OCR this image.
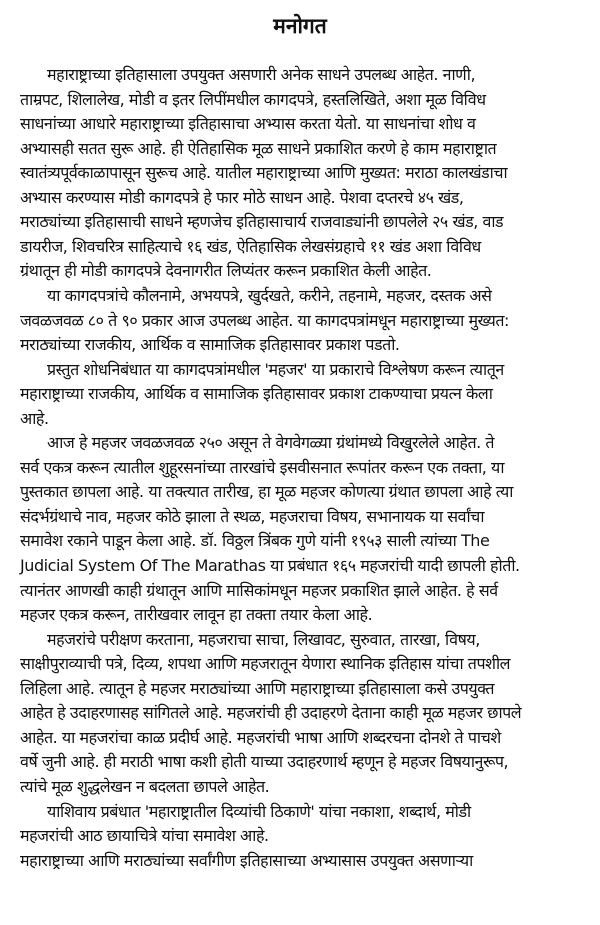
मनोगत
महाराष्ट्राच्या इतिहासाला उपयुक्त असणारी अनेक साधने उपलब्ध आहेत. नाणी,
ताम्रपट, शिलालेख, मोडी व इतर लिपींमधील कागदपत्रे, हस्तलिखिते, अशा मूळ विविध
साधनांच्या आधारे महाराष्ट्राच्या इतिहासाचा अभ्यास करता येतो. या साधनांचा शोध व
अभ्यासही सतत सुरू आहे. ही ऐतिहासिक मूळ साधने प्रकाशित करणे हे काम महाराष्ट्रात
स्वातंत्र्यपूर्वकाळापासून सुरूच आहे. यातील महाराष्ट्राच्या आणि मुख्यत: मराठा कालखंडाचा
अभ्यास करण्यास मोडी कागदपत्रे हे फार मोठे साधन आहे. पेशवा दप्तरचे ४५ खंड,
मराठ्यांच्या इतिहासाची साधने म्हणजेच इतिहासाचार्य राजवाड्यांनी छापलेले २५ खंड, वाड
डायरीज, शिवचरित्र साहित्याचे १६ खंड, ऐतिहासिक लेखसंग्रहाचे ११ खंड अशा विविध
ग्रंथातून ही मोडी कागदपत्रे देवनागरीत लिप्यंतर करून प्रकाशित केली आहेत.
या कागदपत्रांचे कौलनामे, अभयपत्रे, खुर्दखते, करीने, तहनामे, महजर, दस्तक असे
जवळजवळ ८० ते ९० प्रकार आज उपलब्ध आहेत. या कागदपत्रांमधून महाराष्ट्राच्या मुख्यत:
मराठ्यांच्या राजकीय, आर्थिक व सामाजिक इतिहासावर प्रकाश पडतो.
प्रस्तुत शोधनिबंधात या कागदपत्रांमधील 'महजर' या प्रकाराचे विश्लेषण करून त्यातून
महाराष्ट्राच्या राजकीय, आर्थिक व सामाजिक इतिहासावर प्रकाश टाकण्याचा प्रयत्न केला
आहे.
आज हे महजर जवळजवळ २५० असून ते वेगवेगळ्या ग्रंथांमध्ये विखुरलेले आहेत. ते
सर्व एकत्र करून त्यातील शुहूरसनांच्या तारखांचे इसवीसनात रूपांतर करून एक तक्ता, या
पुस्तकात छापला आहे. या तक्त्यात तारीख, हा मूळ महजर कोणत्या ग्रंथात छापला आहे त्या
संदर्भग्रंथाचे नाव, महजर कोठे झाला ते स्थळ, महजराचा विषय, सभानायक या सर्वांचा
समावेश रकाने पाडून केला आहे. डॉ. विठ्ठल त्रिंबक गुणे यांनी १९५३ साली त्यांच्या The
Judicial System Of The Marathas या प्रबंधात १६५ महजरांची यादी छापली होती.
त्यानंतर आणखी काही ग्रंथातून आणि मासिकांमधून महजर प्रकाशित झाले आहेत. हे सर्व
महजर एकत्र करून, तारीखवार लावून हा तक्ता तयार केला आहे.
महजरांचे परीक्षण करताना, महजराचा साचा, लिखावट, सुरुवात, तारखा, विषय,
साक्षीपुराव्याची पत्रे, दिव्य, शपथा आणि महजरातून येणारा स्थानिक इतिहास यांचा तपशील
लिहिला आहे. त्यातून हे महजर मराठ्यांच्या आणि महाराष्ट्राच्या इतिहासाला कसे उपयुक्त
आहेत हे उदाहरणासह सांगितले आहे. महजरांची ही उदाहरणे देताना काही मूळ महजर छापले
आहेत. या महजरांचा काळ प्रदीर्घ आहे. महजरांची भाषा आणि शब्दरचना दोनशे ते पाचशे
वर्षे जुनी आहे. ही मराठी भाषा कशी होती याच्या उदाहरणार्थ म्हणून हे महजर विषयानुरूप,
त्यांचे मूळ शुद्धलेखन न बदलता छापले आहेत.
याशिवाय प्रबंधात 'महाराष्ट्रातील दिव्यांची ठिकाणे' यांचा नकाशा, शब्दार्थ, मोडी
महजरांची आठ छायाचित्रे यांचा समावेश आहे.
महाराष्ट्राच्या आणि मराठ्यांच्या सर्वांगीण इतिहासाच्या अभ्यासास उपयुक्त असणाऱ्या
